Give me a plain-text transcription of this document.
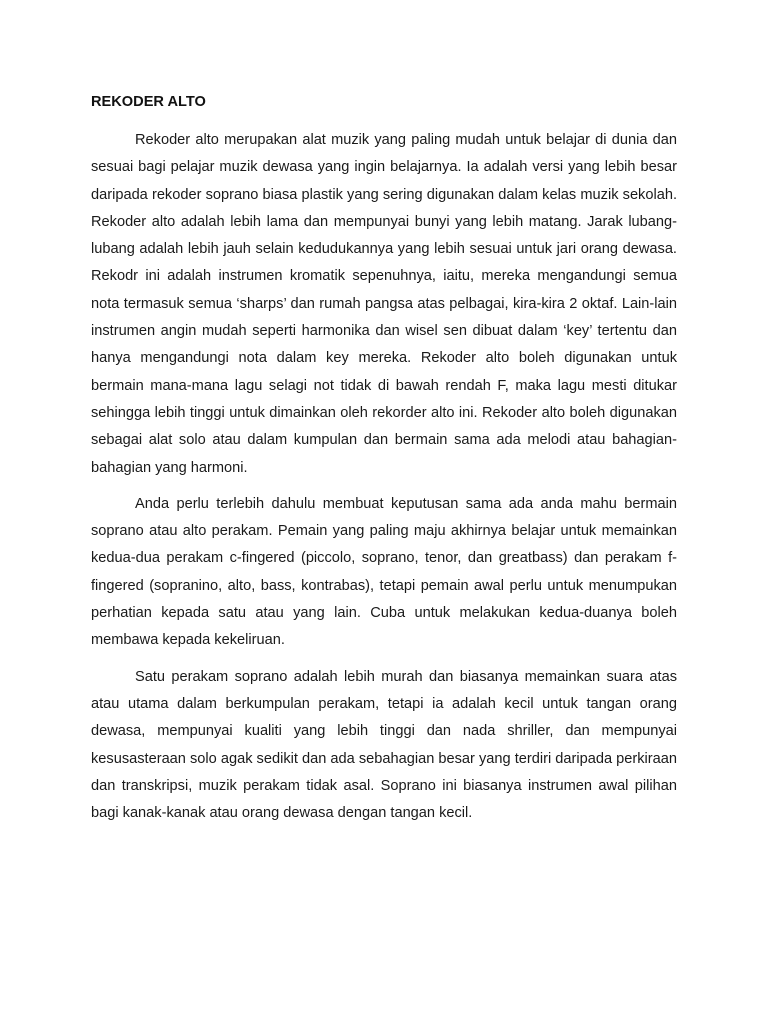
REKODER ALTO

Rekoder alto merupakan alat muzik yang paling mudah untuk belajar di dunia dan sesuai bagi pelajar muzik dewasa yang ingin belajarnya. Ia adalah versi yang lebih besar daripada rekoder soprano biasa plastik yang sering digunakan dalam kelas muzik sekolah. Rekoder alto adalah lebih lama dan mempunyai bunyi yang lebih matang. Jarak lubang-lubang adalah lebih jauh selain kedudukannya yang lebih sesuai untuk jari orang dewasa. Rekodr ini adalah instrumen kromatik sepenuhnya, iaitu, mereka mengandungi semua nota termasuk semua ‘sharps’ dan rumah pangsa atas pelbagai, kira-kira 2 oktaf. Lain-lain instrumen angin mudah seperti harmonika dan wisel sen dibuat dalam ‘key’ tertentu dan hanya mengandungi nota dalam key mereka. Rekoder alto boleh digunakan untuk bermain mana-mana lagu selagi not tidak di bawah rendah F, maka lagu mesti ditukar sehingga lebih tinggi untuk dimainkan oleh rekorder alto ini. Rekoder alto boleh digunakan sebagai alat solo atau dalam kumpulan dan bermain sama ada melodi atau bahagian-bahagian yang harmoni.

Anda perlu terlebih dahulu membuat keputusan sama ada anda mahu bermain soprano atau alto perakam. Pemain yang paling maju akhirnya belajar untuk memainkan kedua-dua perakam c-fingered (piccolo, soprano, tenor, dan greatbass) dan perakam f-fingered (sopranino, alto, bass, kontrabas), tetapi pemain awal perlu untuk menumpukan perhatian kepada satu atau yang lain. Cuba untuk melakukan kedua-duanya boleh membawa kepada kekeliruan.

Satu perakam soprano adalah lebih murah dan biasanya memainkan suara atas atau utama dalam berkumpulan perakam, tetapi ia adalah kecil untuk tangan orang dewasa, mempunyai kualiti yang lebih tinggi dan nada shriller, dan mempunyai kesusasteraan solo agak sedikit dan ada sebahagian besar yang terdiri daripada perkiraan dan transkripsi, muzik perakam tidak asal. Soprano ini biasanya instrumen awal pilihan bagi kanak-kanak atau orang dewasa dengan tangan kecil.
